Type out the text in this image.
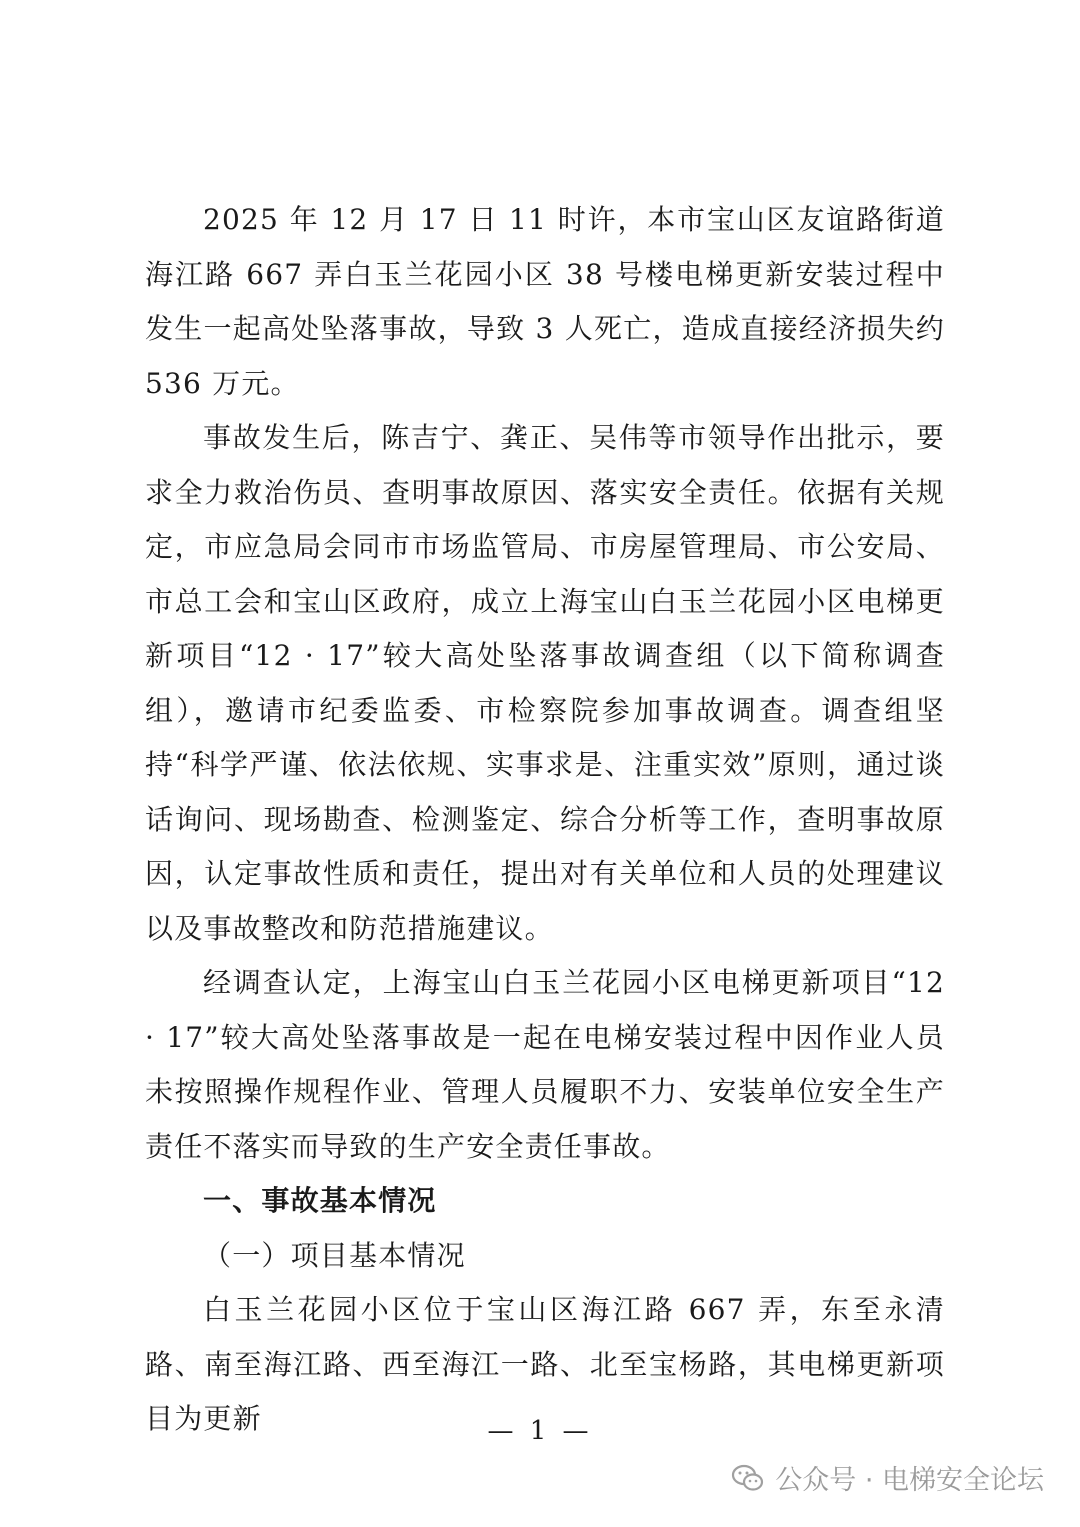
2025 年 12 月 17 日 11 时许，本市宝山区友谊路街道海江路 667 弄白玉兰花园小区 38 号楼电梯更新安装过程中发生一起高处坠落事故，导致 3 人死亡，造成直接经济损失约 536 万元。

事故发生后，陈吉宁、龚正、吴伟等市领导作出批示，要求全力救治伤员、查明事故原因、落实安全责任。依据有关规定，市应急局会同市市场监管局、市房屋管理局、市公安局、市总工会和宝山区政府，成立上海宝山白玉兰花园小区电梯更新项目“12 · 17”较大高处坠落事故调查组（以下简称调查组），邀请市纪委监委、市检察院参加事故调查。调查组坚持“科学严谨、依法依规、实事求是、注重实效”原则，通过谈话询问、现场勘查、检测鉴定、综合分析等工作，查明事故原因，认定事故性质和责任，提出对有关单位和人员的处理建议以及事故整改和防范措施建议。

经调查认定，上海宝山白玉兰花园小区电梯更新项目“12 · 17”较大高处坠落事故是一起在电梯安装过程中因作业人员未按照操作规程作业、管理人员履职不力、安装单位安全生产责任不落实而导致的生产安全责任事故。

一、事故基本情况

（一）项目基本情况

白玉兰花园小区位于宝山区海江路 667 弄，东至永清路、南至海江路、西至海江一路、北至宝杨路，其电梯更新项目为更新	— 1 —
公众号 · 电梯安全论坛
